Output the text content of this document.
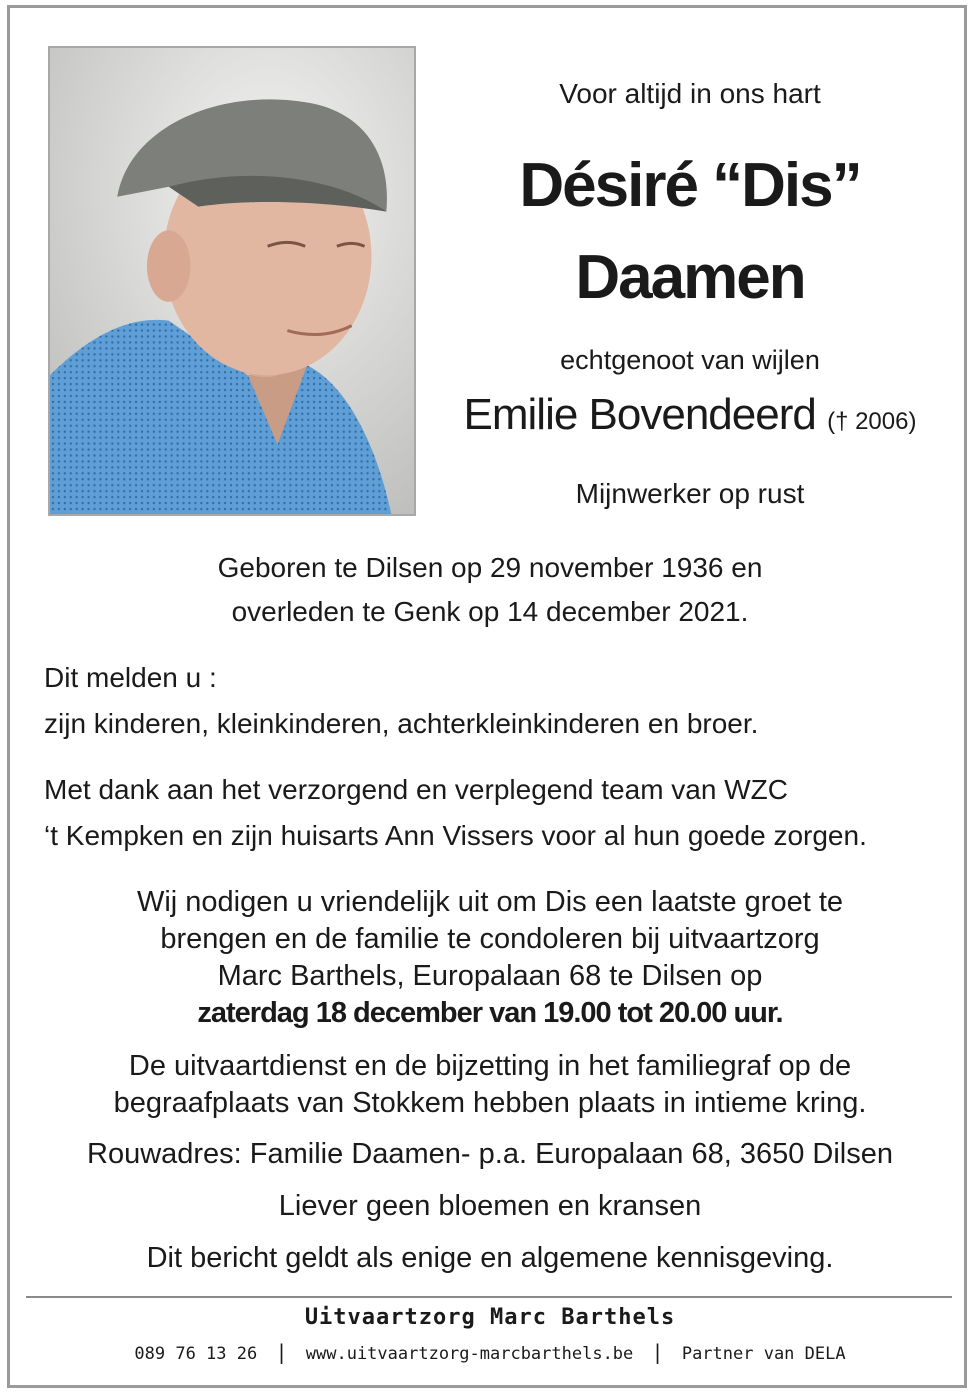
Voor altijd in ons hart
Désiré “Dis”
Daamen
echtgenoot van wijlen
Emilie Bovendeerd († 2006)
Mijnwerker op rust
Geboren te Dilsen op 29 november 1936 en
overleden te Genk op 14 december 2021.
Dit melden u :
zijn kinderen, kleinkinderen, achterkleinkinderen en broer.
Met dank aan het verzorgend en verplegend team van WZC
‘t Kempken en zijn huisarts Ann Vissers voor al hun goede zorgen.
Wij nodigen u vriendelijk uit om Dis een laatste groet te
brengen en de familie te condoleren bij uitvaartzorg
Marc Barthels, Europalaan 68 te Dilsen op
zaterdag 18 december van 19.00 tot 20.00 uur.
De uitvaartdienst en de bijzetting in het familiegraf op de
begraafplaats van Stokkem hebben plaats in intieme kring.
Rouwadres: Familie Daamen- p.a. Europalaan 68, 3650 Dilsen
Liever geen bloemen en kransen
Dit bericht geldt als enige en algemene kennisgeving.
Uitvaartzorg Marc Barthels
089 76 13 26 | www.uitvaartzorg-marcbarthels.be | Partner van DELA
